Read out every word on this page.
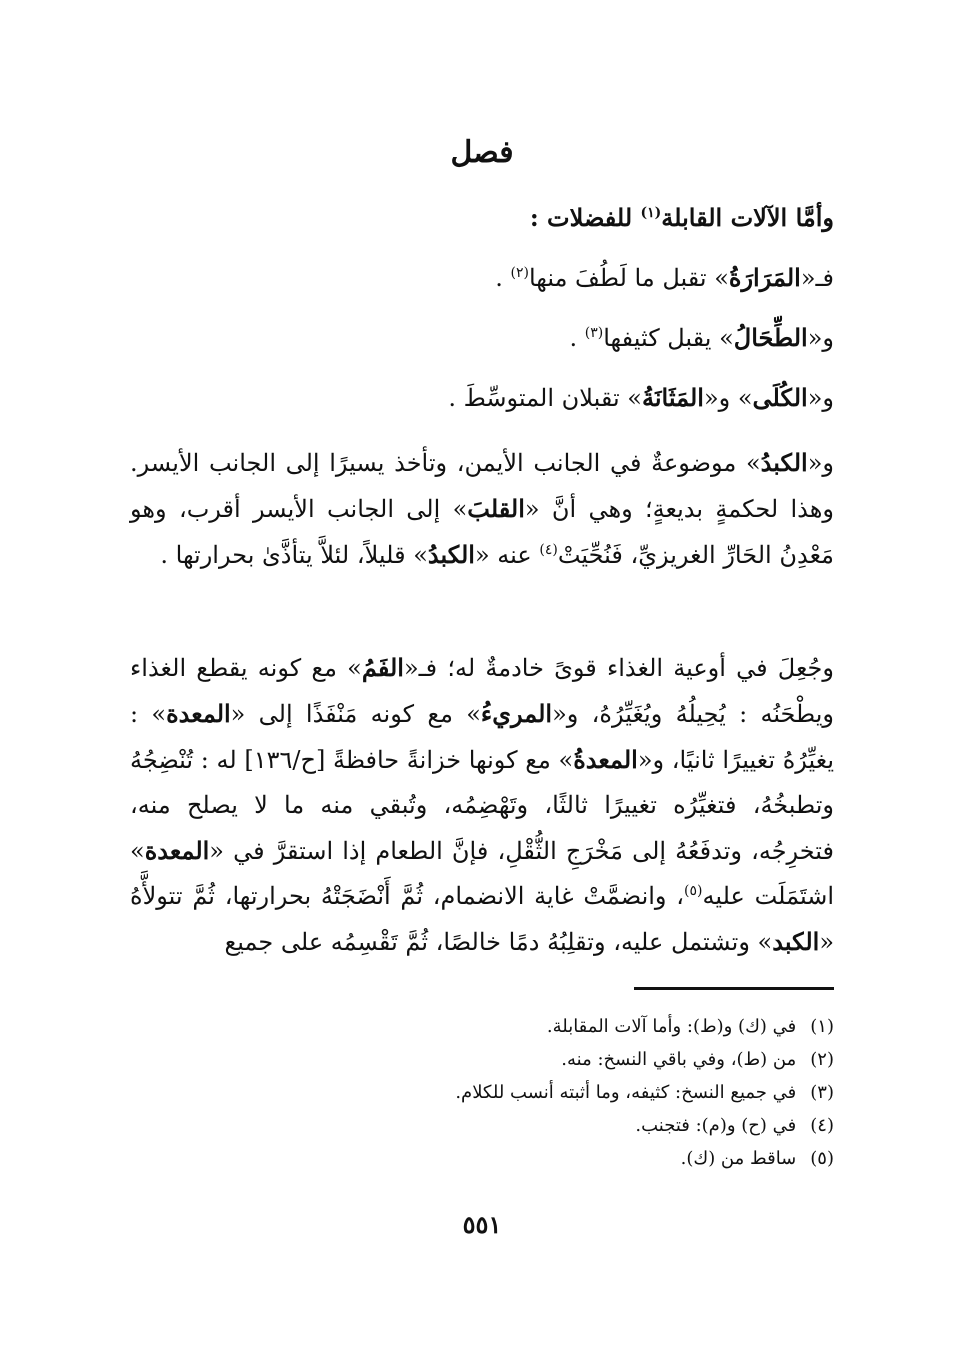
فصل

وأمَّا الآلات القابلة$^{(١)}$ للفضلات :

فـ«المَرَارَةُ» تقبل ما لَطُفَ منها$^{(٢)}$ .

و«الطِّحَالُ» يقبل كثيفها$^{(٣)}$ .

و«الكُلَى» و«المَثَانَةُ» تقبلان المتوسِّطَ .

و«الكبدُ» موضوعةٌ في الجانب الأيمن، وتأخذ يسيرًا إلى الجانب الأيسر. وهذا لحكمةٍ بديعةٍ؛ وهي أنَّ «القلبَ» إلى الجانب الأيسر أقرب، وهو مَعْدِنُ الحَارِّ الغريزيِّ، فَنُحِّيَتْ$^{(٤)}$ عنه «الكبدُ» قليلاً، لئلاَّ يتأذَّىٰ بحرارتها .

وجُعِلَ في أوعية الغذاء قوىً خادمةٌ له؛ فـ«الفَمُ» مع كونه يقطع الغذاء ويطْحَنُه : يُحِيلُهُ ويُغَيِّرُهُ، و«المريءُ» مع كونه مَنْفَذًا إلى «المعدة» : يغيِّرُهُ تغييرًا ثانيًا، و«المعدةُ» مع كونها خزانةً حافظةً [ح/١٣٦] له : تُنْضِجُهُ وتطبخُهُ، فتغيِّرُه تغييرًا ثالثًا، وتَهْضِمُه، وتُبقي منه ما لا يصلح منه، فتخرِجُه، وتدفَعُهُ إلى مَخْرَجِ الثُّقْلِ، فإنَّ الطعام إذا استقرَّ في «المعدة» اشتَمَلَت عليه$^{(٥)}$، وانضمَّتْ غاية الانضمام، ثُمَّ أَنْضَجَتْهُ بحرارتها، ثُمَّ تتولأَّهُ «الكبد» وتشتمل عليه، وتقلِبُهُ دمًا خالصًا، ثُمَّ تَقْسِمُه على جميع

(١)في (ك) و(ط): وأما آلات المقابلة.
(٢)من (ط)، وفي باقي النسخ: منه.
(٣)في جميع النسخ: كثيفه، وما أثبته أنسب للكلام.
(٤)في (ح) و(م): فتجنب.
(٥)ساقط من (ك).
٥٥١
